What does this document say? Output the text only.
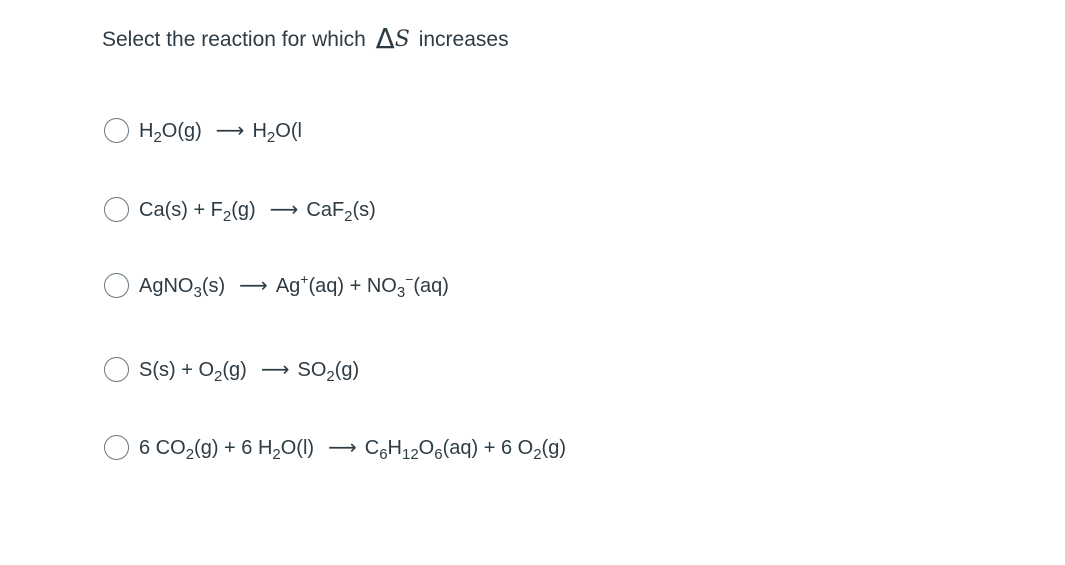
Select the reaction for which ΔS increases
$H_2O(g)$ ⟶ $H_2O(l$
$Ca(s) + F_2(g)$ ⟶ CaF$_2$(s)
AgNO$_3$(s) ⟶ $Ag^+(aq) + NO_3^-(aq)$
$S(s) + O_2(g)$ ⟶ $SO_2(g)$
6 $CO_2(g) + 6$ $H_2O(l)$ ⟶ $C_6H_{12}O_6(aq) + 6$ $O_2(g)$
